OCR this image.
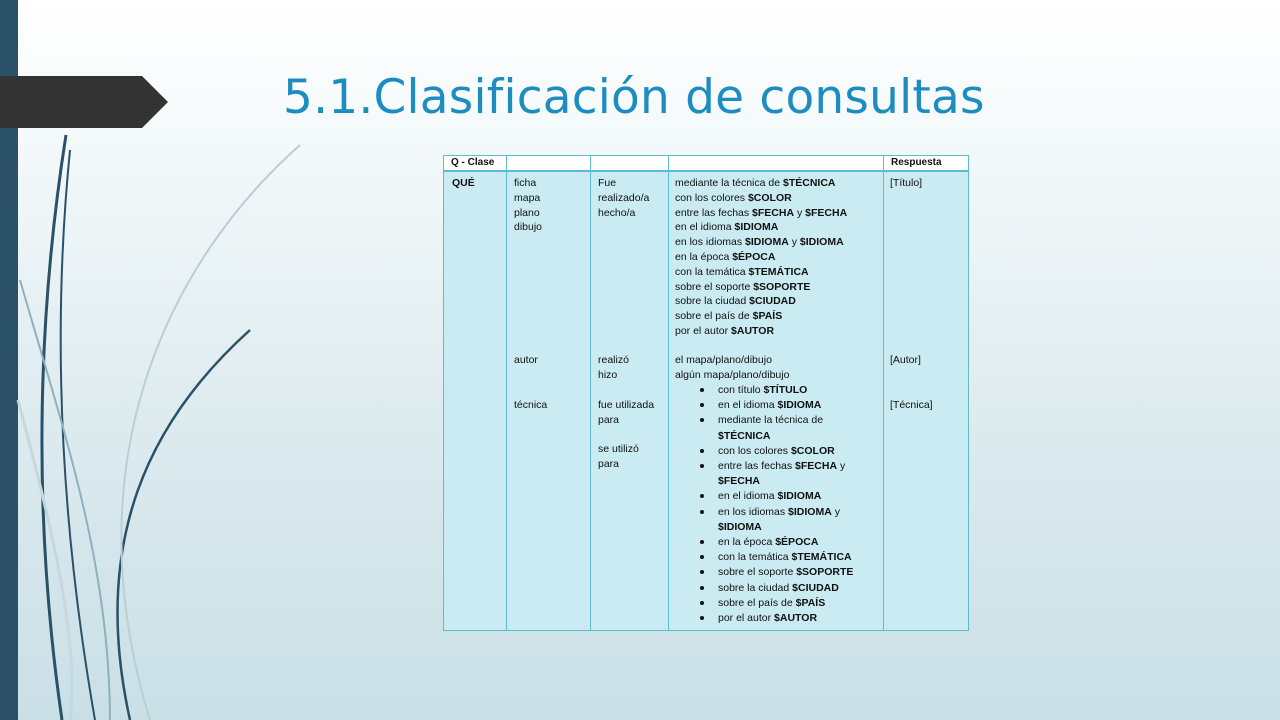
5.1.Clasificación de consultas
Q - Clase	Respuesta
QUÉ	ficha
mapa
plano
dibujo
autor
técnica
Fue
realizado/a
hecho/a
realizó
hizo
fue utilizada
para
se utilizó
para
mediante la técnica de $TÉCNICA
con los colores $COLOR
entre las fechas $FECHA y $FECHA
en el idioma $IDIOMA
en los idiomas $IDIOMA y $IDIOMA
en la época $ÉPOCA
con la temática $TEMÁTICA
sobre el soporte $SOPORTE
sobre la ciudad $CIUDAD
sobre el país de $PAÍS
por el autor $AUTOR
el mapa/plano/dibujo
algún mapa/plano/dibujo
con título $TÍTULO
en el idioma $IDIOMA
mediante la técnica de $TÉCNICA
con los colores $COLOR
entre las fechas $FECHA y $FECHA
en el idioma $IDIOMA
en los idiomas $IDIOMA y $IDIOMA
en la época $ÉPOCA
con la temática $TEMÁTICA
sobre el soporte $SOPORTE
sobre la ciudad $CIUDAD
sobre el país de $PAÍS
por el autor $AUTOR
[Título]
[Autor]
[Técnica]
